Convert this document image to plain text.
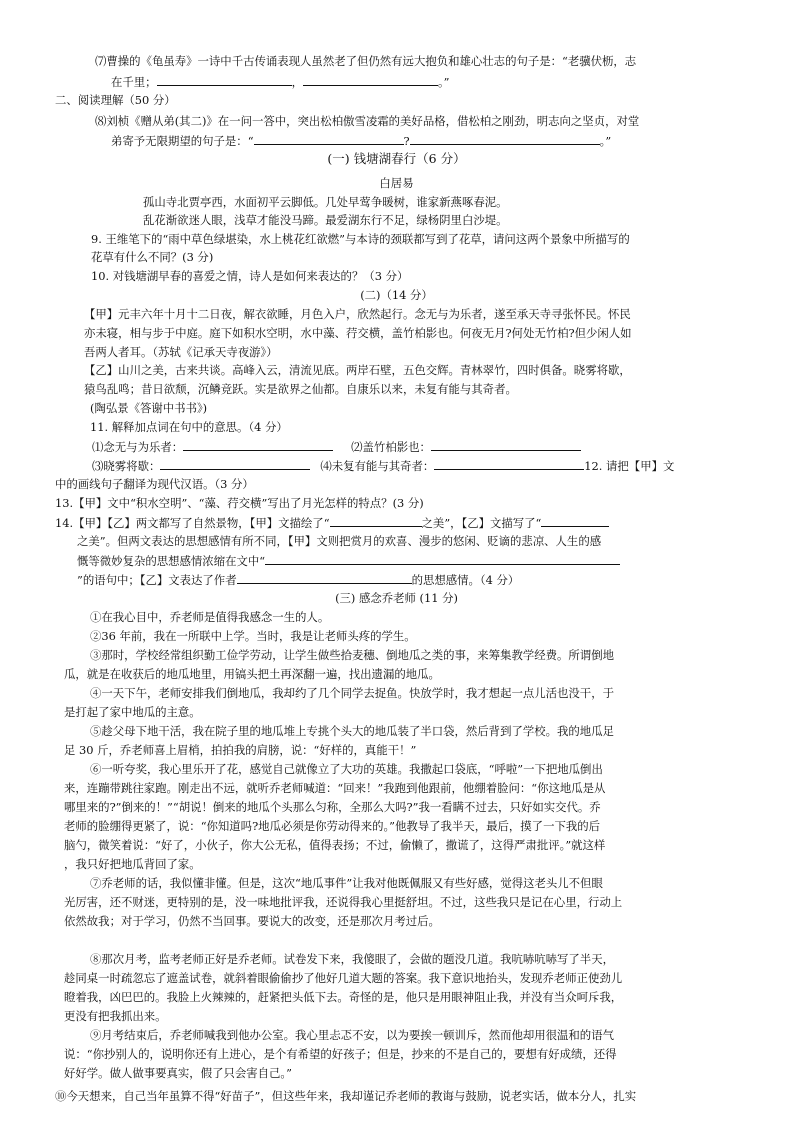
⑺曹操的《龟虽寿》一诗中千古传诵表现人虽然老了但仍然有远大抱负和雄心壮志的句子是：“老骥伏枥，志
在千里；	，	。”
二、阅读理解（50 分）
⑻刘桢《赠从弟(其二)》在一问一答中，突出松柏傲雪凌霜的美好品格，借松柏之刚劲，明志向之坚贞，对堂
弟寄予无限期望的句子是：“	?	。”
(一) 钱塘湖春行（6 分）
白居易
孤山寺北贾亭西，水面初平云脚低。几处早莺争暖树，谁家新燕啄春泥。
乱花渐欲迷人眼，浅草才能没马蹄。最爱湖东行不足，绿杨阴里白沙堤。
9. 王维笔下的“雨中草色绿堪染，水上桃花红欲燃”与本诗的颈联都写到了花草，请问这两个景象中所描写的
花草有什么不同？(3 分)
10. 对钱塘湖早春的喜爱之情，诗人是如何来表达的？（3 分）
(二)（14 分）
【甲】元丰六年十月十二日夜，解衣欲睡，月色入户，欣然起行。念无与为乐者，遂至承天寺寻张怀民。怀民
亦未寝，相与步于中庭。庭下如积水空明，水中藻、荇交横，盖竹柏影也。何夜无月?何处无竹柏?但少闲人如
吾两人者耳。（苏轼《记承天寺夜游》）
【乙】山川之美，古来共谈。高峰入云，清流见底。两岸石壁，五色交辉。青林翠竹，四时俱备。晓雾将歇，
猿鸟乱鸣；昔日欲颓，沉鳞竞跃。实是欲界之仙都。自康乐以来，未复有能与其奇者。
(陶弘景《答谢中书书》)
11. 解释加点词在句中的意思。（4 分）
⑴念无与为乐者：	⑵盖竹柏影也：
⑶晓雾将歇：	⑷未复有能与其奇者：	12. 请把【甲】文
中的画线句子翻译为现代汉语。（3 分）
13.【甲】文中“积水空明”、“藻、荇交横”写出了月光怎样的特点？(3 分)
14.【甲】【乙】两文都写了自然景物，【甲】文描绘了“	之美”，【乙】文描写了“
之美”。但两文表达的思想感情有所不同，【甲】文则把赏月的欢喜、漫步的悠闲、贬谪的悲凉、人生的感
慨等微妙复杂的思想感情浓缩在文中“
”的语句中；【乙】文表达了作者	的思想感情。（4 分）
(三) 感念乔老师 (11 分)
①在我心目中，乔老师是值得我感念一生的人。
②36 年前，我在一所联中上学。当时，我是让老师头疼的学生。
③那时，学校经常组织勤工俭学劳动，让学生做些拾麦穗、倒地瓜之类的事，来筹集教学经费。所谓倒地
瓜，就是在收获后的地瓜地里，用镐头把土再深翻一遍，找出遗漏的地瓜。
④一天下午，老师安排我们倒地瓜，我却约了几个同学去捉鱼。快放学时，我才想起一点儿活也没干，于
是打起了家中地瓜的主意。
⑤趁父母下地干活，我在院子里的地瓜堆上专挑个头大的地瓜装了半口袋，然后背到了学校。我的地瓜足
足 30 斤，乔老师喜上眉梢，拍拍我的肩膀，说：“好样的，真能干！”
⑥一听夸奖，我心里乐开了花，感觉自己就像立了大功的英雄。我撒起口袋底，“呼啦”一下把地瓜倒出
来，连蹦带跳往家跑。刚走出不远，就听乔老师喊道：“回来！”我跑到他跟前，他绷着脸问：“你这地瓜是从
哪里来的?”倒来的！”“胡说！倒来的地瓜个头那么匀称，全那么大吗?”我一看瞒不过去，只好如实交代。乔
老师的脸绷得更紧了，说：“你知道吗?地瓜必须是你劳动得来的。”他教导了我半天，最后，摸了一下我的后
脑勺，微笑着说：“好了，小伙子，你大公无私，值得表扬；不过，偷懒了，撒谎了，这得严肃批评。”就这样
，我只好把地瓜背回了家。
⑦乔老师的话，我似懂非懂。但是，这次“地瓜事件”让我对他既佩服又有些好感，觉得这老头儿不但眼
光厉害，还不财迷，更特别的是，没一味地批评我，还说得我心里挺舒坦。不过，这些我只是记在心里，行动上
依然故我；对于学习，仍然不当回事。要说大的改变，还是那次月考过后。
⑧那次月考，监考老师正好是乔老师。试卷发下来，我傻眼了，会做的题没几道。我吭哧吭哧写了半天，
趁同桌一时疏忽忘了遮盖试卷，就斜着眼偷偷抄了他好几道大题的答案。我下意识地抬头，发现乔老师正使劲儿
瞪着我，凶巴巴的。我脸上火辣辣的，赶紧把头低下去。奇怪的是，他只是用眼神阻止我，并没有当众呵斥我，
更没有把我抓出来。
⑨月考结束后，乔老师喊我到他办公室。我心里忐忑不安，以为要挨一顿训斥，然而他却用很温和的语气
说：“你抄别人的，说明你还有上进心，是个有希望的好孩子；但是，抄来的不是自己的，要想有好成绩，还得
好好学。做人做事要真实，假了只会害自己。”
⑩今天想来，自己当年虽算不得“好苗子”，但这些年来，我却谨记乔老师的教诲与鼓励，说老实话，做本分人，扎实
